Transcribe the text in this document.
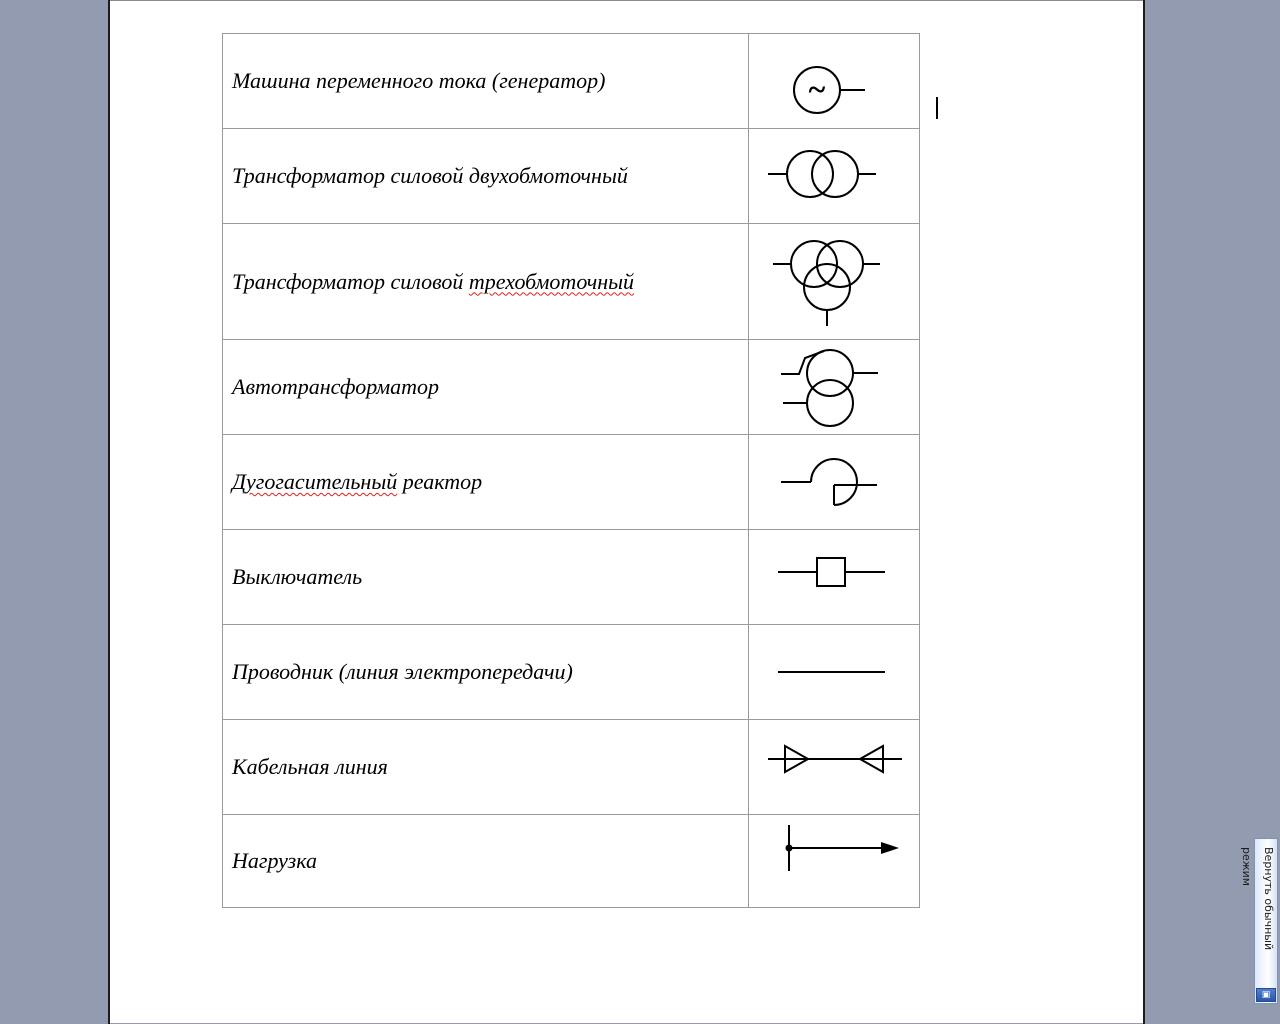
Машина переменного тока (генератор)	~

Трансформатор силовой двухобмоточный	

Трансформатор силовой трехобмоточный	

Автотрансформатор	

Дугогасительный реактор	

Выключатель	

Проводник (линия электропередачи)	

Кабельная линия	

Нагрузка		Вернуть обычный режим
▣
